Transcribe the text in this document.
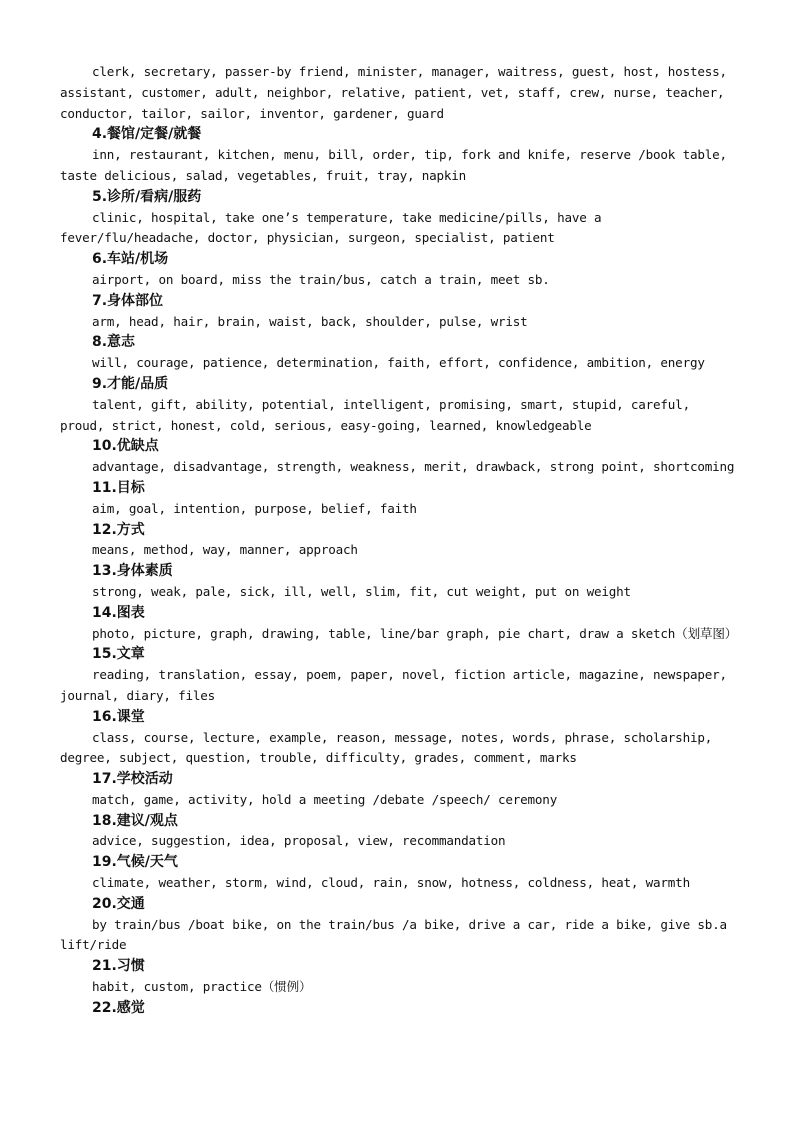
clerk, secretary, passer-by friend, minister, manager, waitress, guest, host, hostess, assistant, customer, adult, neighbor, relative, patient, vet, staff, crew, nurse, teacher, conductor, tailor, sailor, inventor, gardener, guard

4.餐馆/定餐/就餐

inn, restaurant, kitchen, menu, bill, order, tip, fork and knife, reserve /book table, taste delicious, salad, vegetables, fruit, tray, napkin

5.诊所/看病/服药

clinic, hospital, take one’s temperature, take medicine/pills, have a fever/flu/headache, doctor, physician, surgeon, specialist, patient

6.车站/机场

airport, on board, miss the train/bus, catch a train, meet sb.

7.身体部位

arm, head, hair, brain, waist, back, shoulder, pulse, wrist

8.意志

will, courage, patience, determination, faith, effort, confidence, ambition, energy

9.才能/品质

talent, gift, ability, potential, intelligent, promising, smart, stupid, careful, proud, strict, honest, cold, serious, easy-going, learned, knowledgeable

10.优缺点

advantage, disadvantage, strength, weakness, merit, drawback, strong point, shortcoming

11.目标

aim, goal, intention, purpose, belief, faith

12.方式

means, method, way, manner, approach

13.身体素质

strong, weak, pale, sick, ill, well, slim, fit, cut weight, put on weight

14.图表

photo, picture, graph, drawing, table, line/bar graph, pie chart, draw a sketch（划草图）

15.文章

reading, translation, essay, poem, paper, novel, fiction article, magazine, newspaper, journal, diary, files

16.课堂

class, course, lecture, example, reason, message, notes, words, phrase, scholarship, degree, subject, question, trouble, difficulty, grades, comment, marks

17.学校活动

match, game, activity, hold a meeting /debate /speech/ ceremony

18.建议/观点

advice, suggestion, idea, proposal, view, recommandation

19.气候/天气

climate, weather, storm, wind, cloud, rain, snow, hotness, coldness, heat, warmth

20.交通

by train/bus /boat bike, on the train/bus /a bike, drive a car, ride a bike, give sb.a lift/ride

21.习惯

habit, custom, practice（惯例）

22.感觉
